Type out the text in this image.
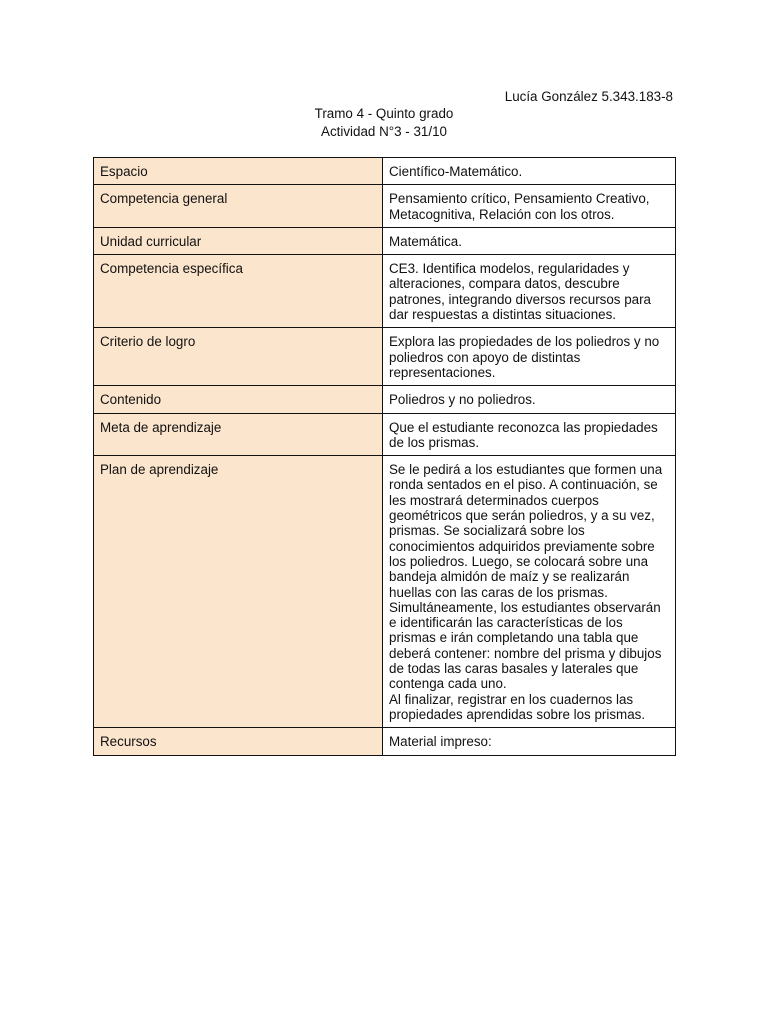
Lucía González 5.343.183-8
Tramo 4 - Quinto grado
Actividad N°3 - 31/10
Espacio	Científico-Matemático.

Competencia general	Pensamiento crítico, Pensamiento Creativo, Metacognitiva, Relación con los otros.

Unidad curricular	Matemática.

Competencia específica	CE3. Identifica modelos, regularidades y alteraciones, compara datos, descubre patrones, integrando diversos recursos para dar respuestas a distintas situaciones.

Criterio de logro	Explora las propiedades de los poliedros y no poliedros con apoyo de distintas representaciones.

Contenido	Poliedros y no poliedros.

Meta de aprendizaje	Que el estudiante reconozca las propiedades de los prismas.

Plan de aprendizaje	Se le pedirá a los estudiantes que formen una ronda sentados en el piso. A continuación, se les mostrará determinados cuerpos geométricos que serán poliedros, y a su vez, prismas. Se socializará sobre los conocimientos adquiridos previamente sobre los poliedros. Luego, se colocará sobre una bandeja almidón de maíz y se realizarán huellas con las caras de los prismas. Simultáneamente, los estudiantes observarán e identificarán las características de los prismas e irán completando una tabla que deberá contener: nombre del prisma y dibujos de todas las caras basales y laterales que contenga cada uno.
Al finalizar, registrar en los cuadernos las propiedades aprendidas sobre los prismas.

Recursos	Material impreso:
